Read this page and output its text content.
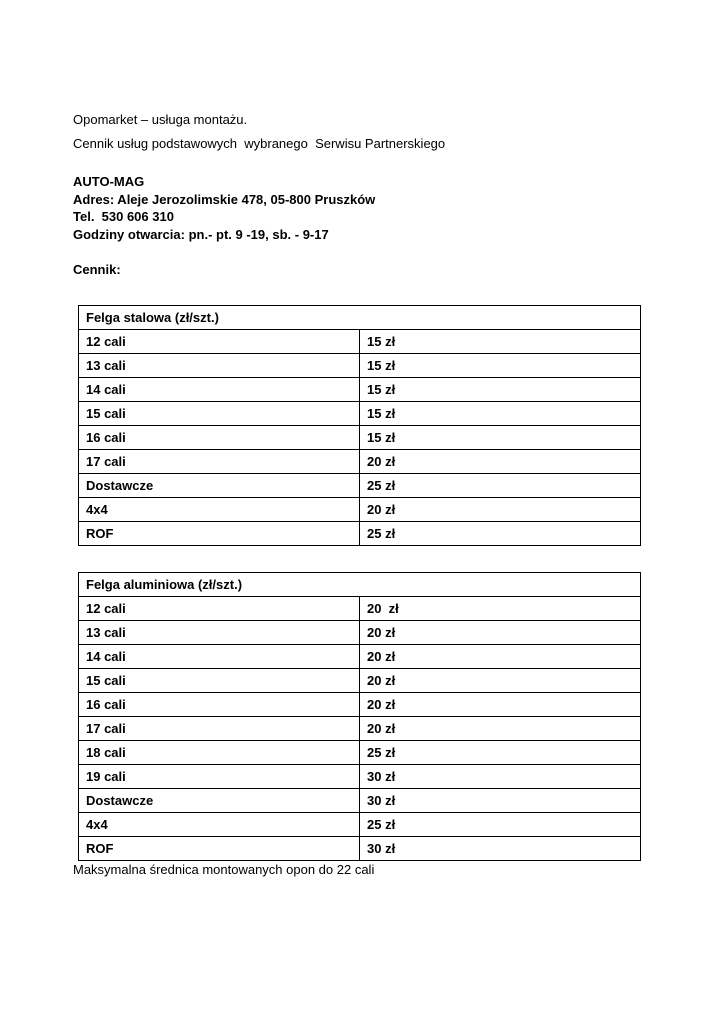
Opomarket – usługa montażu.
Cennik usług podstawowych  wybranego  Serwisu Partnerskiego
AUTO-MAG
Adres: Aleje Jerozolimskie 478, 05-800 Pruszków
Tel.  530 606 310
Godziny otwarcia: pn.- pt. 9 -19, sb. - 9-17
Cennik:
Felga stalowa (zł/szt.)	
12 cali	15 zł
13 cali	15 zł
14 cali	15 zł
15 cali	15 zł
16 cali	15 zł
17 cali	20 zł
Dostawcze	25 zł
4x4	20 zł
ROF	25 zł
Felga aluminiowa (zł/szt.)	
12 cali	20  zł
13 cali	20 zł
14 cali	20 zł
15 cali	20 zł
16 cali	20 zł
17 cali	20 zł
18 cali	25 zł
19 cali	30 zł
Dostawcze	30 zł
4x4	25 zł
ROF	30 zł
Maksymalna średnica montowanych opon do 22 cali
